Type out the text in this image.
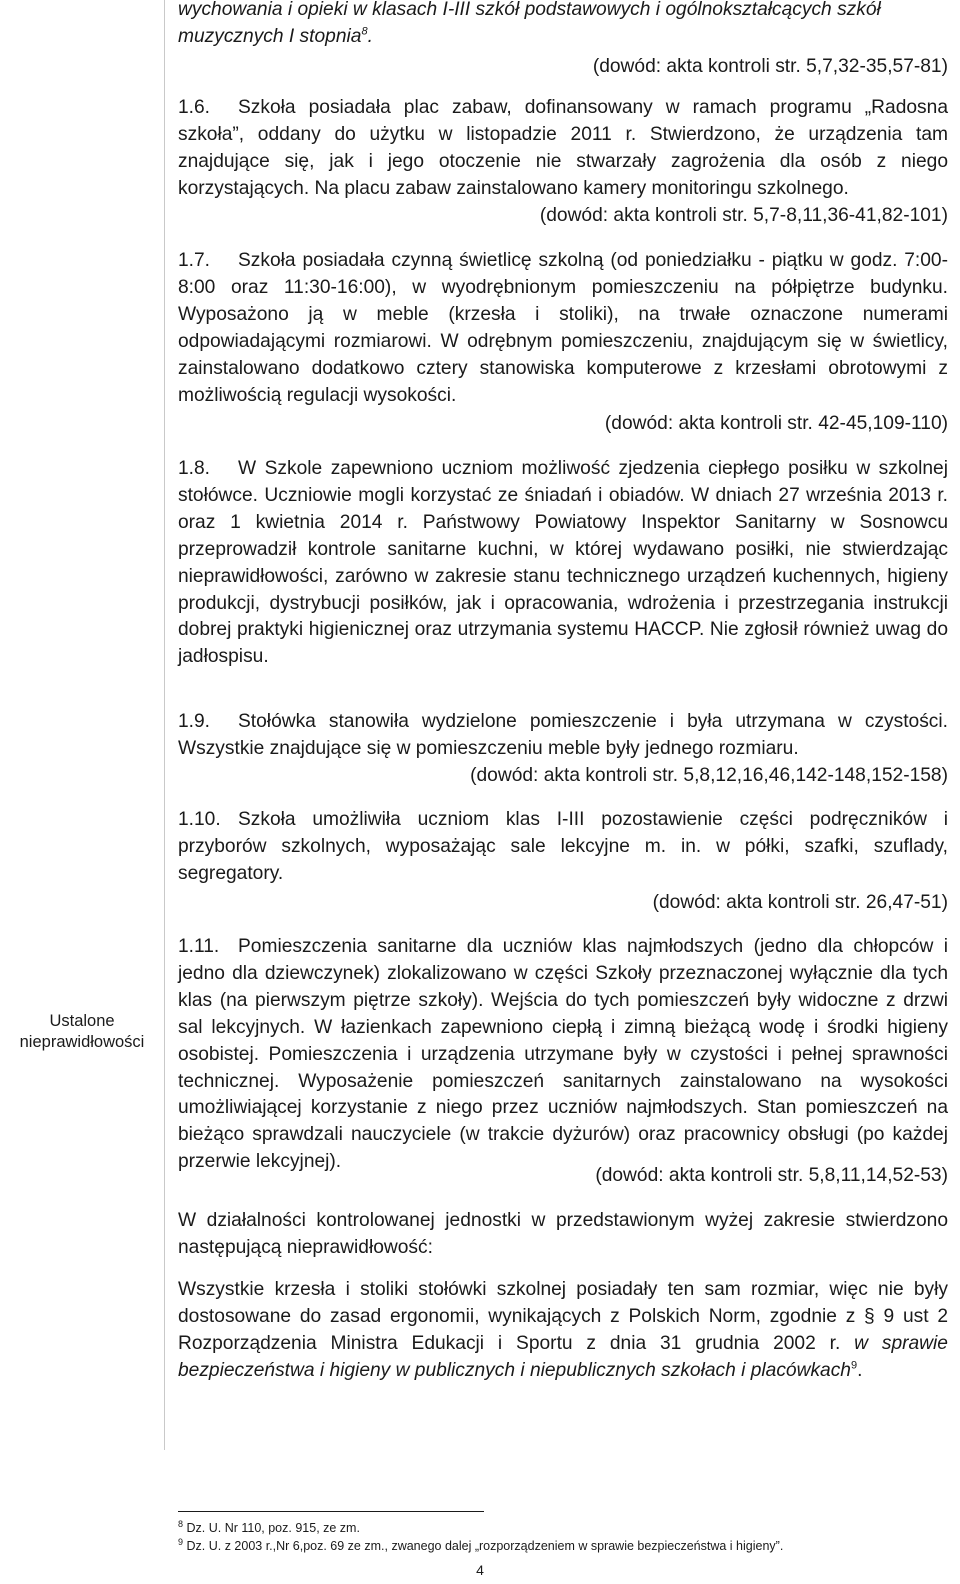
Ustalone
nieprawidłowości

wychowania i opieki w klasach I-III szkół podstawowych i ogólnokształcących szkół
muzycznych I stopnia$^8$.

(dowód: akta kontroli str. 5,7,32-35,57-81)

1.6. Szkoła posiadała plac zabaw, dofinansowany w ramach programu „Radosna szkoła”, oddany do użytku w listopadzie 2011 r. Stwierdzono, że urządzenia tam znajdujące się, jak i jego otoczenie nie stwarzały zagrożenia dla osób z niego korzystających. Na placu zabaw zainstalowano kamery monitoringu szkolnego.

(dowód: akta kontroli str. 5,7-8,11,36-41,82-101)

1.7. Szkoła posiadała czynną świetlicę szkolną (od poniedziałku - piątku w godz. 7:00-8:00 oraz 11:30-16:00), w wyodrębnionym pomieszczeniu na półpiętrze budynku. Wyposażono ją w meble (krzesła i stoliki), na trwałe oznaczone numerami odpowiadającymi rozmiarowi. W odrębnym pomieszczeniu, znajdującym się w świetlicy, zainstalowano dodatkowo cztery stanowiska komputerowe z krzesłami obrotowymi z możliwością regulacji wysokości.

(dowód: akta kontroli str. 42-45,109-110)

1.8. W Szkole zapewniono uczniom możliwość zjedzenia ciepłego posiłku w szkolnej stołówce. Uczniowie mogli korzystać ze śniadań i obiadów. W dniach 27 września 2013 r. oraz 1 kwietnia 2014 r. Państwowy Powiatowy Inspektor Sanitarny w Sosnowcu przeprowadził kontrole sanitarne kuchni, w której wydawano posiłki, nie stwierdzając nieprawidłowości, zarówno w zakresie stanu technicznego urządzeń kuchennych, higieny produkcji, dystrybucji posiłków, jak i opracowania, wdrożenia i przestrzegania instrukcji dobrej praktyki higienicznej oraz utrzymania systemu HACCP. Nie zgłosił również uwag do jadłospisu.

1.9. Stołówka stanowiła wydzielone pomieszczenie i była utrzymana w czystości. Wszystkie znajdujące się w pomieszczeniu meble były jednego rozmiaru.

(dowód: akta kontroli str. 5,8,12,16,46,142-148,152-158)

1.10. Szkoła umożliwiła uczniom klas I-III pozostawienie części podręczników i przyborów szkolnych, wyposażając sale lekcyjne m. in. w półki, szafki, szuflady, segregatory.

(dowód: akta kontroli str. 26,47-51)

1.11. Pomieszczenia sanitarne dla uczniów klas najmłodszych (jedno dla chłopców i jedno dla dziewczynek) zlokalizowano w części Szkoły przeznaczonej wyłącznie dla tych klas (na pierwszym piętrze szkoły). Wejścia do tych pomieszczeń były widoczne z drzwi sal lekcyjnych. W łazienkach zapewniono ciepłą i zimną bieżącą wodę i środki higieny osobistej. Pomieszczenia i urządzenia utrzymane były w czystości i pełnej sprawności technicznej. Wyposażenie pomieszczeń sanitarnych zainstalowano na wysokości umożliwiającej korzystanie z niego przez uczniów najmłodszych. Stan pomieszczeń na bieżąco sprawdzali nauczyciele (w trakcie dyżurów) oraz pracownicy obsługi (po każdej przerwie lekcyjnej).

(dowód: akta kontroli str. 5,8,11,14,52-53)

W działalności kontrolowanej jednostki w przedstawionym wyżej zakresie stwierdzono następującą nieprawidłowość:

Wszystkie krzesła i stoliki stołówki szkolnej posiadały ten sam rozmiar, więc nie były dostosowane do zasad ergonomii, wynikających z Polskich Norm, zgodnie z § 9 ust 2 Rozporządzenia Ministra Edukacji i Sportu z dnia 31 grudnia 2002 r. w sprawie bezpieczeństwa i higieny w publicznych i niepublicznych szkołach i placówkach$^9$.

$^8$ Dz. U. Nr 110, poz. 915, ze zm.
$^9$ Dz. U. z 2003 r.,Nr 6,poz. 69 ze zm., zwanego dalej „rozporządzeniem w sprawie bezpieczeństwa i higieny”.
4
